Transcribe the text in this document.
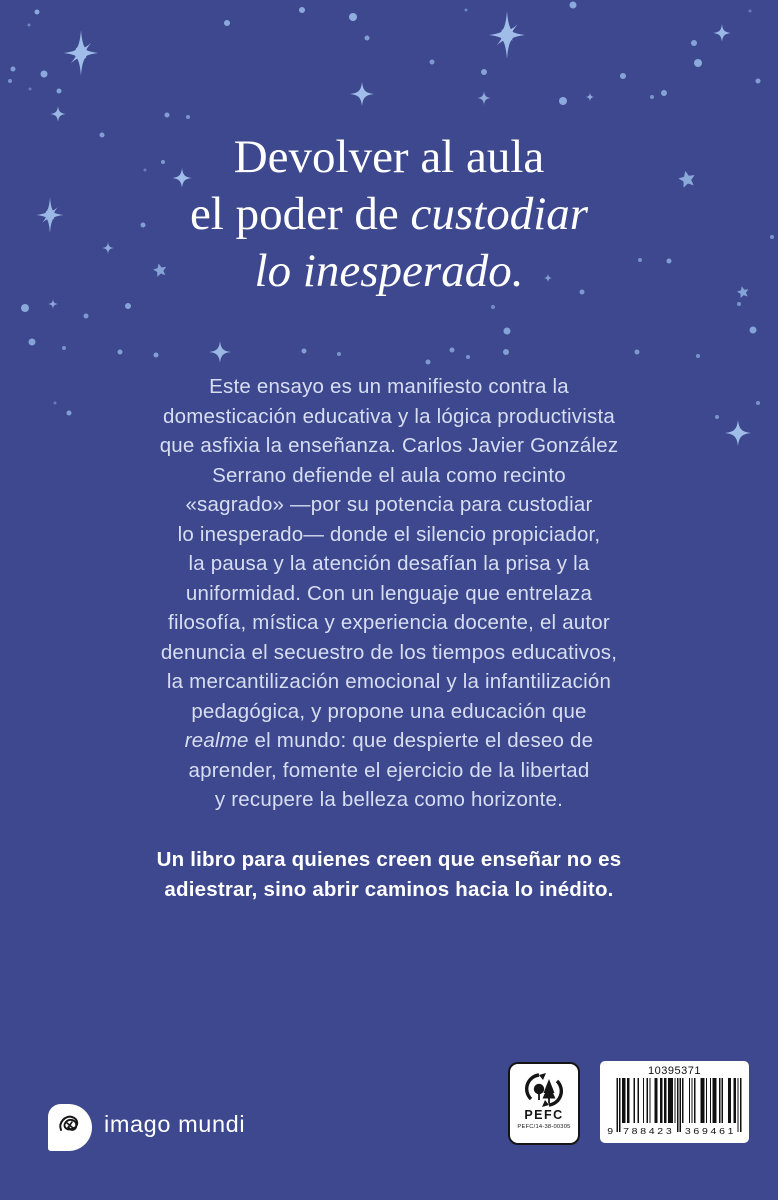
Devolver al aula
el poder de custodiar
lo inesperado.
Este ensayo es un manifiesto contra la
domesticación educativa y la lógica productivista
que asfixia la enseñanza. Carlos Javier González
Serrano defiende el aula como recinto
«sagrado» —por su potencia para custodiar
lo inesperado— donde el silencio propiciador,
la pausa y la atención desafían la prisa y la
uniformidad. Con un lenguaje que entrelaza
filosofía, mística y experiencia docente, el autor
denuncia el secuestro de los tiempos educativos,
la mercantilización emocional y la infantilización
pedagógica, y propone una educación que
realme el mundo: que despierte el deseo de
aprender, fomente el ejercicio de la libertad
y recupere la belleza como horizonte.
Un libro para quienes creen que enseñar no es
adiestrar, sino abrir caminos hacia lo inédito.
imago mundi	PEFC
PEFC/14-38-00305
10395371
9 788423 369461
